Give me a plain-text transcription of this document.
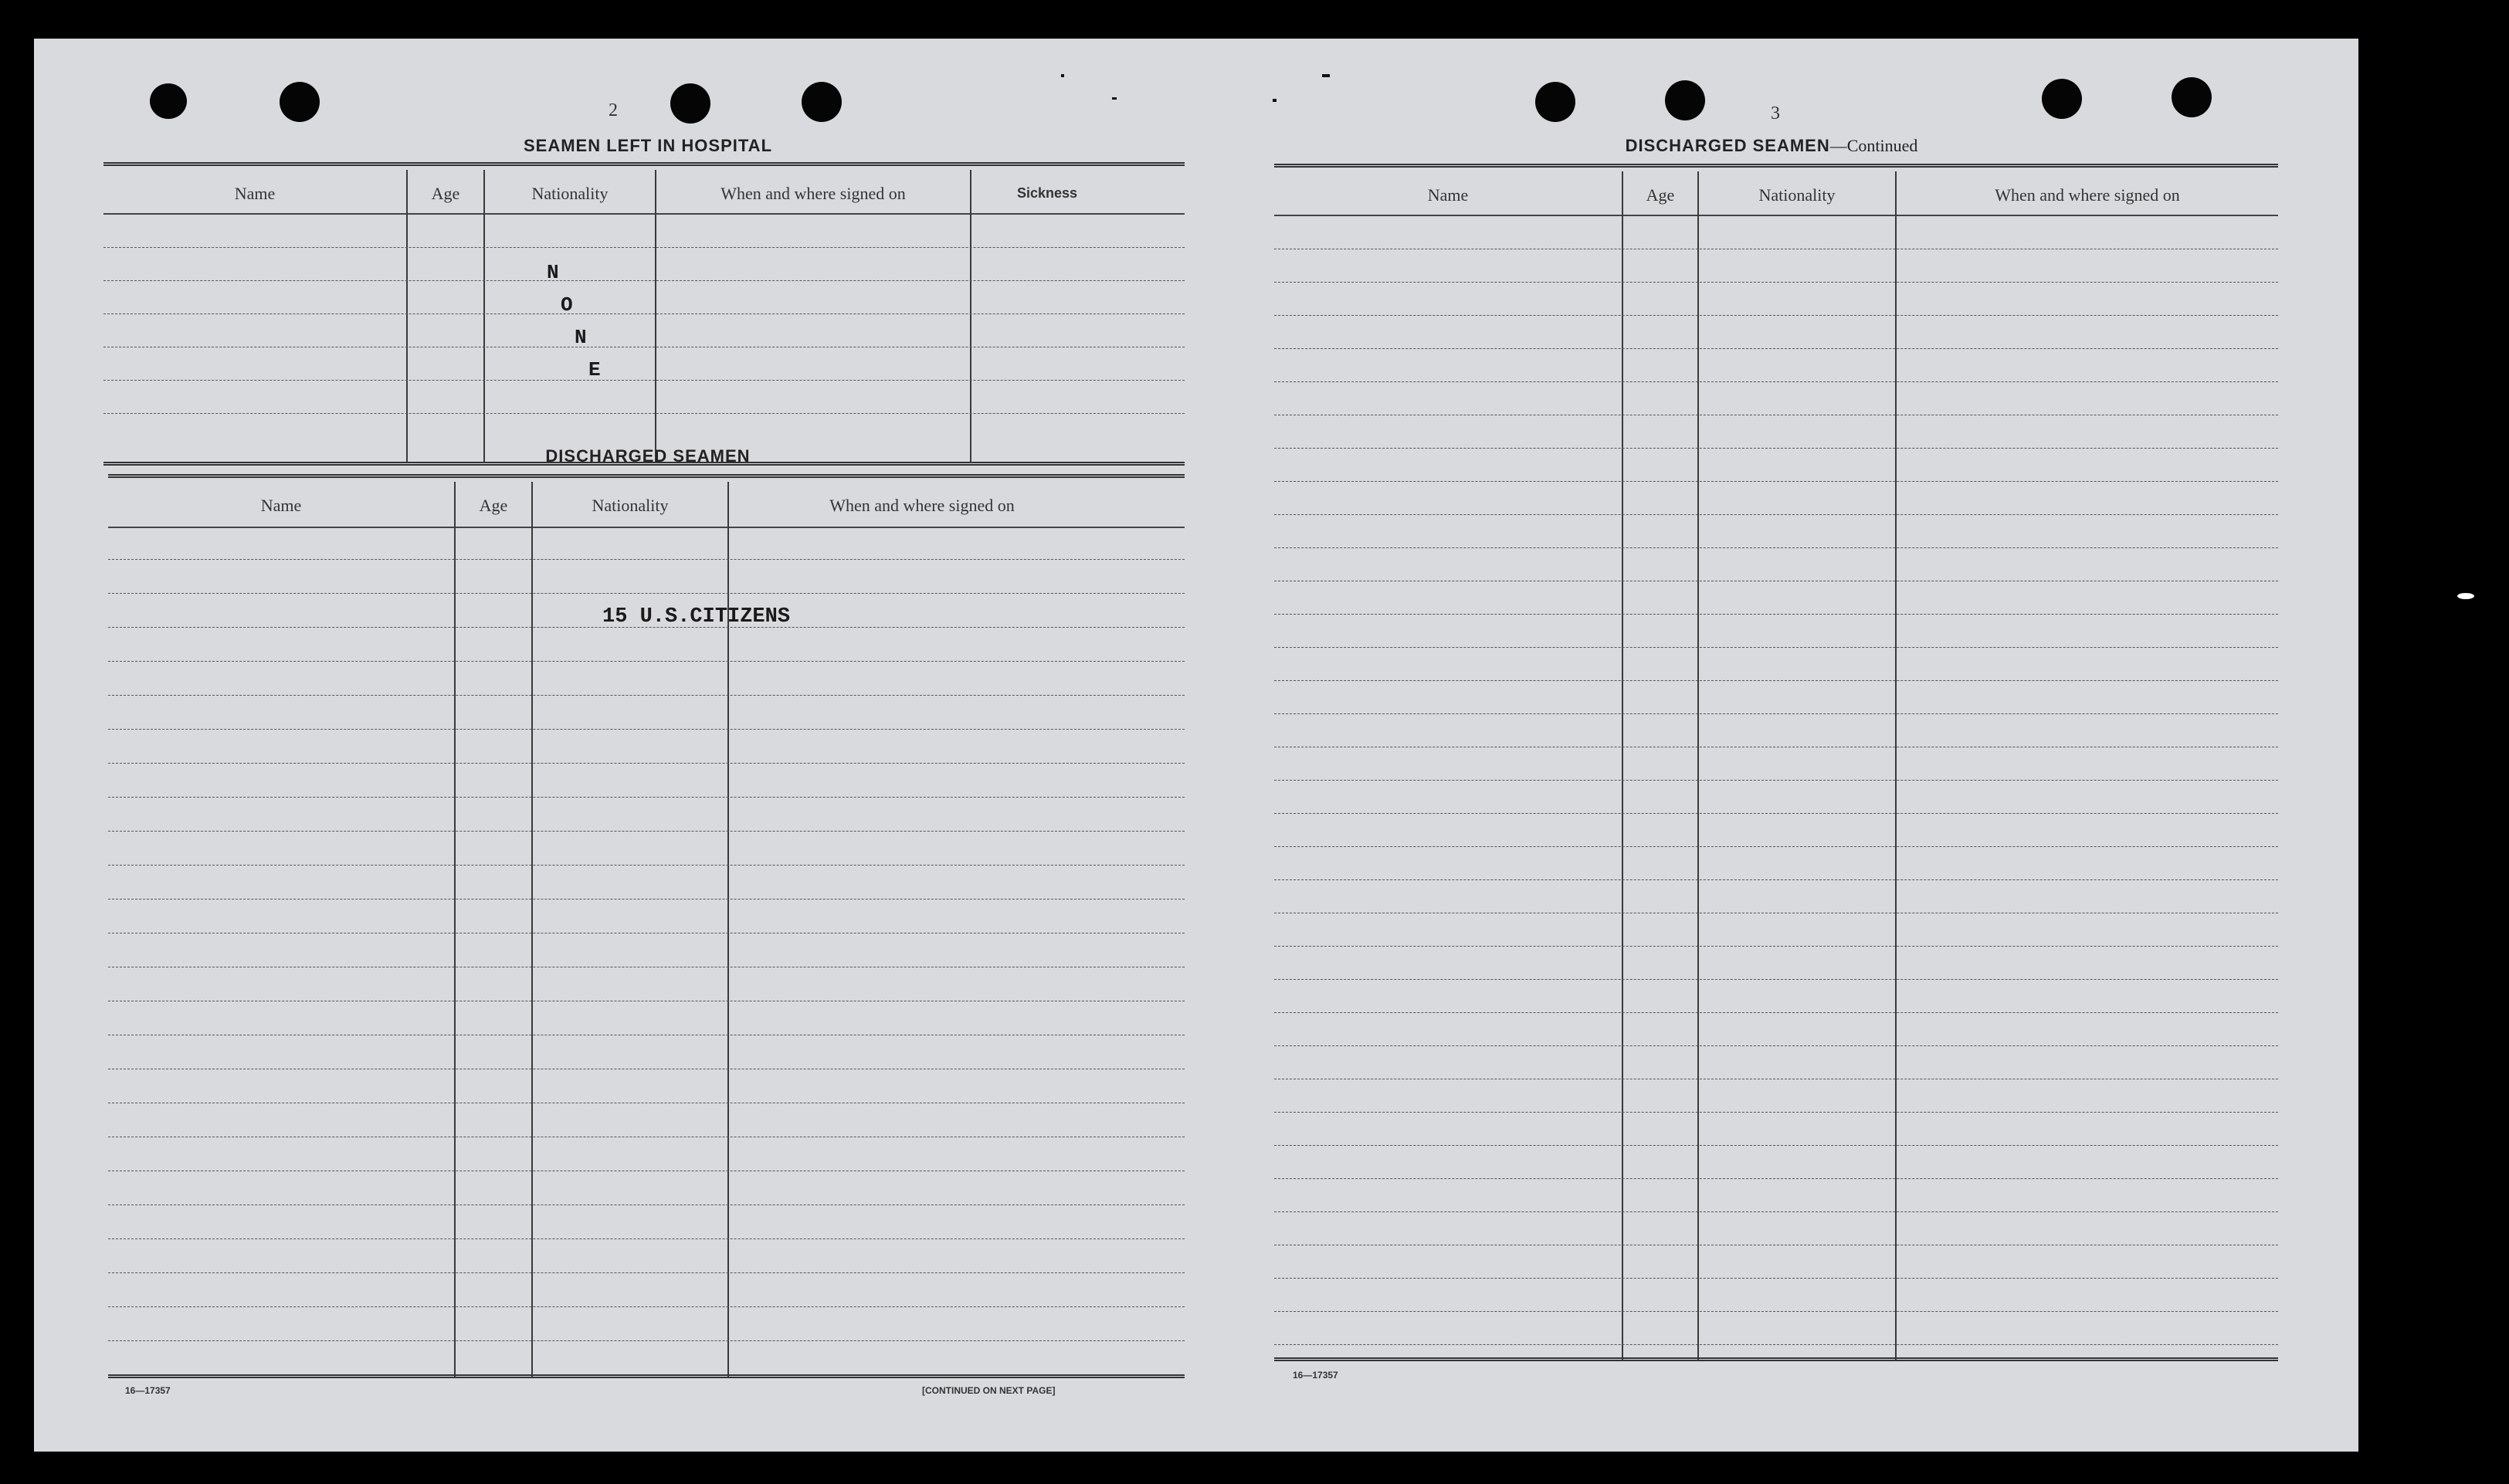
2
SEAMEN LEFT IN HOSPITAL
Name	Age	Nationality	When and where signed on	Sickness
N
O
N
E
DISCHARGED SEAMEN
Name	Age	Nationality	When and where signed on
15 U.S.CITIZENS
16—17357	[CONTINUED ON NEXT PAGE]
3
DISCHARGED SEAMEN—Continued
Name	Age	Nationality	When and where signed on
16—17357
